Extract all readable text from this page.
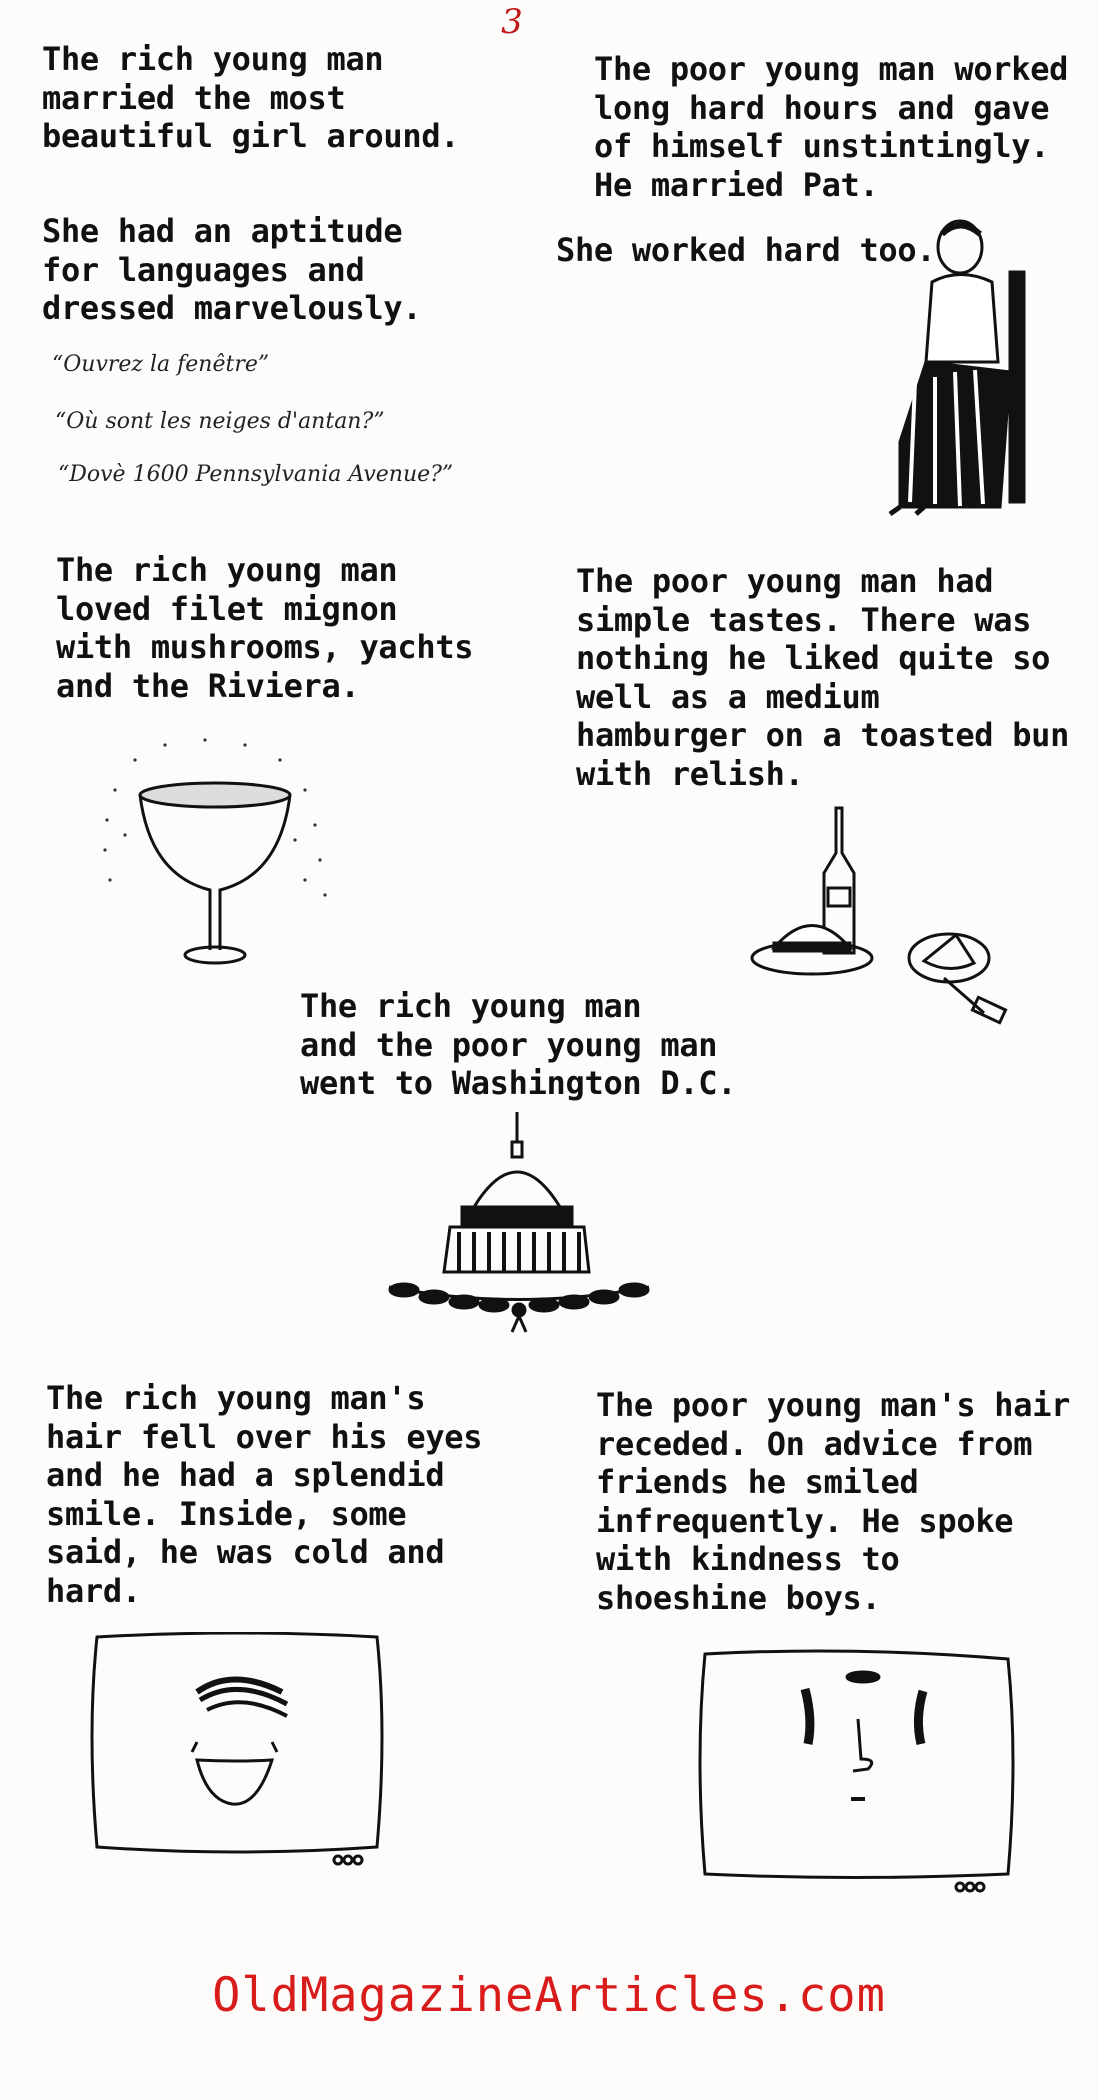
3
The rich young man
married the most
beautiful girl around.
The poor young man worked
long hard hours and gave
of himself unstintingly.
He married Pat.
She had an aptitude
for languages and
dressed marvelously.
She worked hard too.
“Ouvrez la fenêtre”
“Où sont les neiges d'antan?”
“Dovè 1600 Pennsylvania Avenue?”
The rich young man
loved filet mignon
with mushrooms, yachts
and the Riviera.
The poor young man had
simple tastes. There was
nothing he liked quite so
well as a medium
hamburger on a toasted bun
with relish.
The rich young man
and the poor young man
went to Washington D.C.
The rich young man's
hair fell over his eyes
and he had a splendid
smile. Inside, some
said, he was cold and
hard.
The poor young man's hair
receded. On advice from
friends he smiled
infrequently. He spoke
with kindness to
shoeshine boys.
OldMagazineArticles.com
